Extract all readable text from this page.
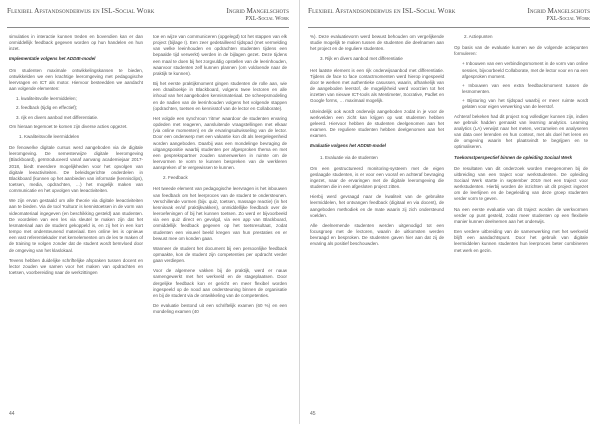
Flexibel Afstandsonderwijs en ISL-Social Work	Ingrid Mangelschots
PXL-Social Work

simulaties in interactie kunnen treden en bovendien kan er dan onmiddellijk feedback gegeven worden op hun handelen en hun inzet.

Implementatie volgens het ADDIE-model

Om studenten maximale ontwikkelingskansen te bieden, ontwikkelden we een krachtige leeromgeving met pedagogische leervragen en ICT als motor. Hiervoor besteedden we aandacht aan volgende elementen:

1. kwaliteitsvolle leermiddelen;

2. feedback (tijdig en effectief);

3. rijk en divers aanbod met differentiatie.

Om hieraan tegemoet te komen zijn diverse acties opgezet.

1. Kwaliteitsvolle leermiddelen

De fenowe/ke digitale cursus werd aangeboden via de digitale leeromgeving. De semesterwijze digitale leeromgeving (Blackboard), geïntroduceerd vanaf aanvang academiejaar 2017-2018, biedt meerdere mogelijkheden voor het opvolgen van digitale leeactiviteiten. De beleidsgerichte onderdelen in Blackboard (kunnen op het aanbieden van informatie (kennisclips), toetsen, media, opdrachten, …) het mogelijk maken van communicatie en het opvolgen van leeactiviteiten.

We zijn ervan gestaald om alle theorie via digitale leeactiviteiten aan te bieden. Via de tool 'Kultura' is kennistoetsen in de vorm van videomateriaal ingegeven (en beschikking gesteld) aan studenten. De voordelen van een les via sleutel te maken zijn dat het lesmateriaal aan de student gekoppeld is, en zij het in een kort tempo met ondersteunend materiaal. Een online les is opnieuw een vast referentiekader met kernelementen om de les te maken of de training te volgen zonder dat de student wordt beïnvloed door de omgeving van het klaslokaal.

Tevens hebben duidelijke schriftelijke afspraken tussen docent en lector zouden we samen voor het maken van opdrachten en toetsen, voorbereiding naar de werkzittingen

toe en wijze van communiceren (opgelegd) tot het stappen van elk project (bijlage I). Een zeer gedetailleerd tijdspad (met vermelding van welke leeinhouden en opdrachten studenten tijdens een bepaalde tijd verwerkt) werden in de bijlagen gezet. Deze tijdens een maal te doen bij het zorgvuldig opstellen van de leerinhouden, waarvoor studenten zelf kunnen plannen (om voldoende naar de praktijk te kunnen).

Bij het eerste praktijkmoment gingen studenten de rolle aan, wie een draaiboekje in Blackboard, volgens twee lectoren en alle inhoud van het aangeboden kennismateriaal. De scheepsmodeling en de nadien van de leerinhouden volgens het volgende stappen (opdrachten, toetsen en kennisstof van de lector en Collaborate).

Het volgde een synchroon 'ritme' waardoor de studenten ervaring opdeden met reageren, aansluitende vraagstellingen met elkaar (via online momenten) en de ervaringsuitwisseling van de lector. Door een onderwerp met een vakantie kon dit als leergelegenheid worden aangeboden. Daarbij was een mondelinge bevraging de uitgangspositie waarbij studenten per afgesproken thema en met een gesprekspartner zouden samenwerken in ruimte om de leervormen te vorm te kunnen bespreken van de werkleren aanspreken of te vergewissen te kunnen.

2. Feedback

Het tweede element van pedagogische leervragen is het inbouwen van feedback om het leerproces van de student te ondersteunen. Verschillende vormen (bijv. quiz, toetsen, massage reactie) (in het kennisvak en/of praktijkvakken), onmiddellijke feedback over de leeroefeningen of bij het kunnen toetsen. Zo werd er bijvoorbeeld via een quiz direct en gevolgd, via een app van Blackboard, onmiddellijk feedback gegeven op het toetsresultaat, zodat studenten een visueel beeld kregen van hun prestaties en er bewust mee om konden gaan.

Wanneer de student het document bij een persoonlijke feedback opmaakte, kon de student zijn competenties per opdracht verder gaan verdiepen.

Voor de algemene vakken bij de praktijk, werd er nauw samengewerkt met het werkveld en de stageplaatsen. Door dergelijke feedback kon er gericht en meer flexibel worden ingespeeld op de nood aan ondersteuning binnen de organisatie en bij de student via de ontwikkeling van de competenties.

De evaluatie bestond uit een schriftelijk examen (60 %) en een mondeling examen (40

44
Flexibel Afstandsonderwijs en ISL-Social Work	Ingrid Mangelschots
PXL-Social Work

%). Deze evaluatievorm werd bewust behouden om vergelijkende studie mogelijk te maken tussen de studenten die deelnamen aan het project en de reguliere studenten.

3. Rijk en divers aanbod met differentiatie

Het laatste element is een rijk onderwijsaanbod met differentiatie. Tijdens de face to face contactmomenten werd hierop ingespeeld door te werken met authentieke casussen, waarin, afhankelijk van de aangeboden leerstof, de mogelijkheid werd voorzien tot het inzetten van nieuwe ICT-tools als Mentimeter, Socrative, Padlet en Google forms, … maximaal mogelijk.

Uiteindelijk ook wordt onderwijs aangeboden zodat in je voor de werkvelden een zicht kan krijgen op wat studenten hebben geleerd. Hiervoor hebben de studenten deelgenomen aan het examen. De reguliere studenten hebben deelgenomen aan het examen.

Evaluatie volgens het ADDIE-model

1. Evaluatie via de studenten

Om een gestructureerd monitoring-systeem met de eigen geslaagde studenten, is er voor een vooraf en achteraf bevraging ingezet, naar de ervaringen met de digitale leeromgeving die studenten die in een afgesloten project zitten.

Hierbij werd gevraagd naar de kwaliteit van de gebruikte leermiddelen, het ontvangen feedback (digitaal en via docent), de aangeboden methodiek en de mate waarin zij zich ondersteund voelden.

Alle deelnemende studenten werden uitgenodigd tot een focusgroep met de lectoren, waarin de uitkomsten werden bevraagd en besproken. De studenten gaven hier aan dat zij de ervaring als positief beschouwden.

2. Actiepunten

Op basis van de evaluatie kunnen we de volgende actiepunten formuleren:

+ Inbouwen van een verbindingsmoment in de vorm van online sessies, bijvoorbeeld Collaborate, met de lector voor en na een afgesproken moment.

+ Inbouwen van een extra feedbackmoment tussen de lesmomenten.

+ Bijsturing van het tijdspad waarbij er meer ruimte wordt gelaten voor eigen verwerking van de leerstof.

Achteraf bekeken had dit project nog vollediger kunnen zijn, indien we gebruik hadden gemaakt van learning analytics. Learning analytics (LA) verwijst naar het meten, verzamelen en analyseren van data over lerenden en hun context, met als doel het leren en de omgeving waarin het plaatsvindt te begrijpen en te optimaliseren.

Toekomstperspectief binnen de opleiding Sociaal Werk

De resultaten van dit onderzoek worden meegenomen bij de uitbreiding van een traject voor werkstudenten. De opleiding Sociaal Werk startte in september 2019 met een traject voor werkstudenten. Hierbij worden de inzichten uit dit project ingezet om de leerlijnen en de begeleiding van deze groep studenten verder vorm te geven.

Na een eerste evaluatie van dit traject worden de werkvormen verder op punt gesteld, zodat meer studenten op een flexibele manier kunnen deelnemen aan het onderwijs.

Een verdere uitbreiding van de samenwerking met het werkveld blijft een aandachtspunt. Door het gebruik van digitale leermiddelen kunnen studenten hun leerproces beter combineren met werk en gezin.

45
